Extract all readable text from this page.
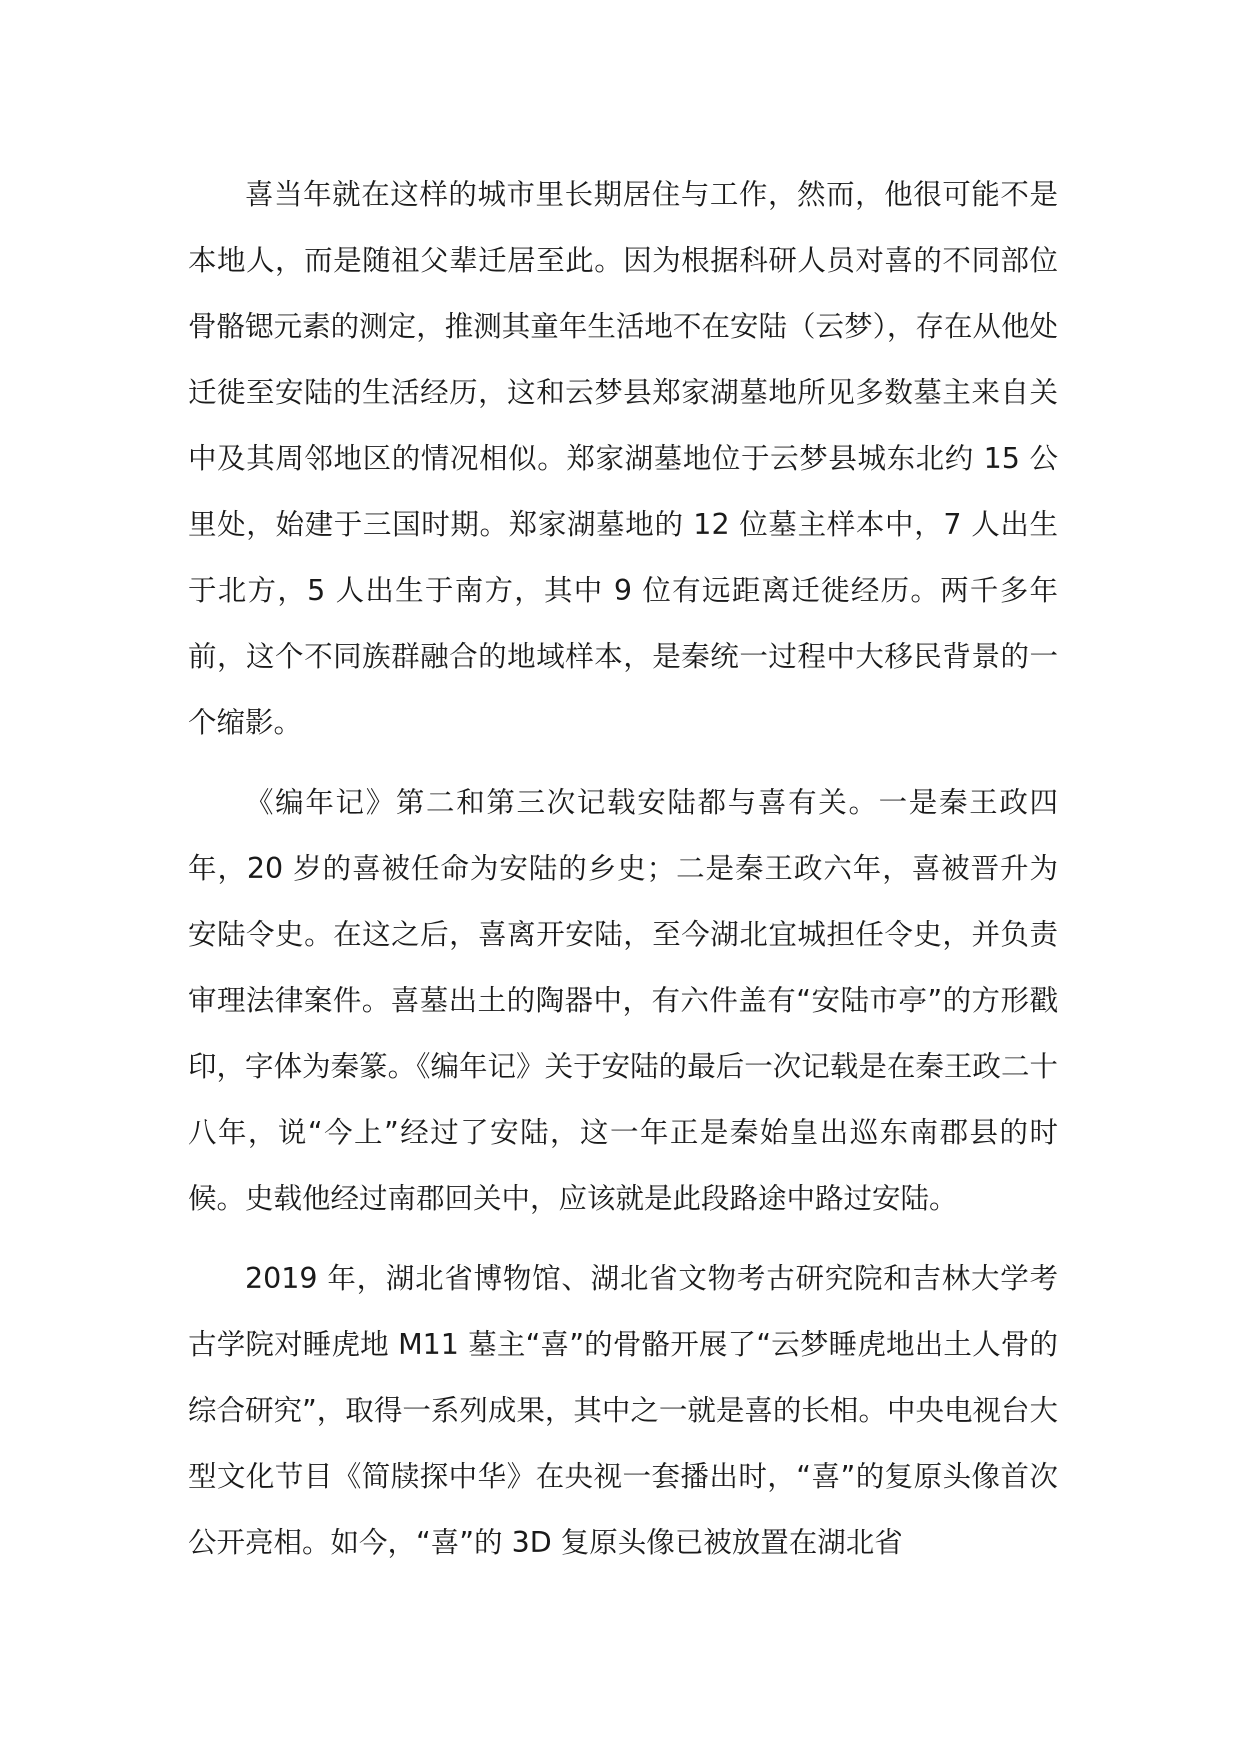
喜当年就在这样的城市里长期居住与工作，然而，他很可能不是本地人，而是随祖父辈迁居至此。因为根据科研人员对喜的不同部位骨骼锶元素的测定，推测其童年生活地不在安陆（云梦），存在从他处迁徙至安陆的生活经历，这和云梦县郑家湖墓地所见多数墓主来自关中及其周邻地区的情况相似。郑家湖墓地位于云梦县城东北约 15 公里处，始建于三国时期。郑家湖墓地的 12 位墓主样本中，7 人出生于北方，5 人出生于南方，其中 9 位有远距离迁徙经历。两千多年前，这个不同族群融合的地域样本，是秦统一过程中大移民背景的一个缩影。

《编年记》第二和第三次记载安陆都与喜有关。一是秦王政四年，20 岁的喜被任命为安陆的乡史；二是秦王政六年，喜被晋升为安陆令史。在这之后，喜离开安陆，至今湖北宜城担任令史，并负责审理法律案件。喜墓出土的陶器中，有六件盖有“安陆市亭”的方形戳印，字体为秦篆。《编年记》关于安陆的最后一次记载是在秦王政二十八年，说“今上”经过了安陆，这一年正是秦始皇出巡东南郡县的时候。史载他经过南郡回关中，应该就是此段路途中路过安陆。

2019 年，湖北省博物馆、湖北省文物考古研究院和吉林大学考古学院对睡虎地 M11 墓主“喜”的骨骼开展了“云梦睡虎地出土人骨的综合研究”，取得一系列成果，其中之一就是喜的长相。中央电视台大型文化节目《简牍探中华》在央视一套播出时，“喜”的复原头像首次公开亮相。如今，“喜”的 3D 复原头像已被放置在湖北省
